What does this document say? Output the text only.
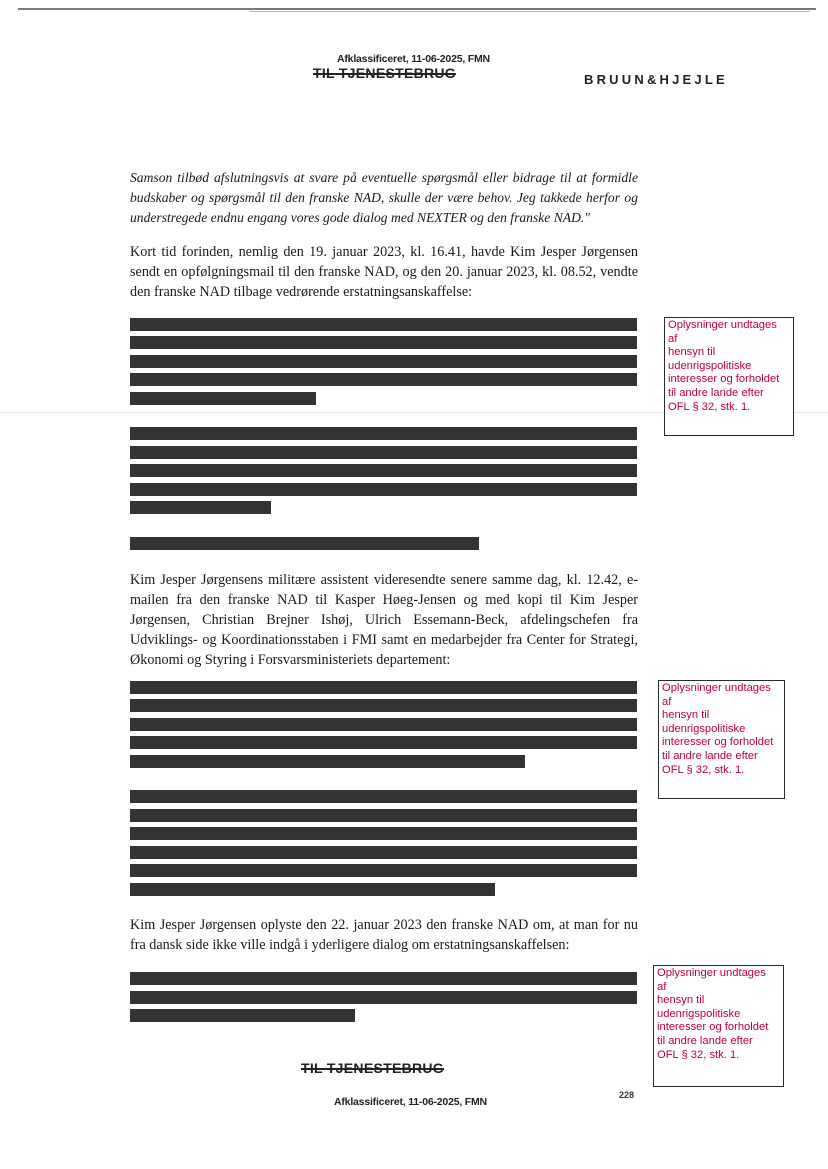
Afklassificeret, 11-06-2025, FMN
TIL TJENESTEBRUG	BRUUN&HJEJLE

Samson tilbød afslutningsvis at svare på eventuelle spørgsmål eller bidrage til at formidle budskaber og spørgsmål til den franske NAD, skulle der være behov. Jeg takkede herfor og understregede endnu engang vores gode dialog med NEXTER og den franske NAD."

Kort tid forinden, nemlig den 19. januar 2023, kl. 16.41, havde Kim Jesper Jørgensen sendt en opfølgningsmail til den franske NAD, og den 20. januar 2023, kl. 08.52, vendte den franske NAD tilbage vedrørende erstatningsanskaffelse:

Oplysninger undtages
af
hensyn til
udenrigspolitiske
interesser og forholdet
til andre lande efter
OFL § 32, stk. 1.

Kim Jesper Jørgensens militære assistent videresendte senere samme dag, kl. 12.42, e-mailen fra den franske NAD til Kasper Høeg-Jensen og med kopi til Kim Jesper Jørgensen, Christian Brejner Ishøj, Ulrich Essemann-Beck, afdelingschefen fra Udviklings- og Koordinationsstaben i FMI samt en medarbejder fra Center for Strategi, Økonomi og Styring i Forsvarsministeriets departement:

Oplysninger undtages
af
hensyn til
udenrigspolitiske
interesser og forholdet
til andre lande efter
OFL § 32, stk. 1.

Kim Jesper Jørgensen oplyste den 22. januar 2023 den franske NAD om, at man for nu fra dansk side ikke ville indgå i yderligere dialog om erstatningsanskaffelsen:

Oplysninger undtages
af
hensyn til
udenrigspolitiske
interesser og forholdet
til andre lande efter
OFL § 32, stk. 1.
TIL TJENESTEBRUG
228
Afklassificeret, 11-06-2025, FMN
